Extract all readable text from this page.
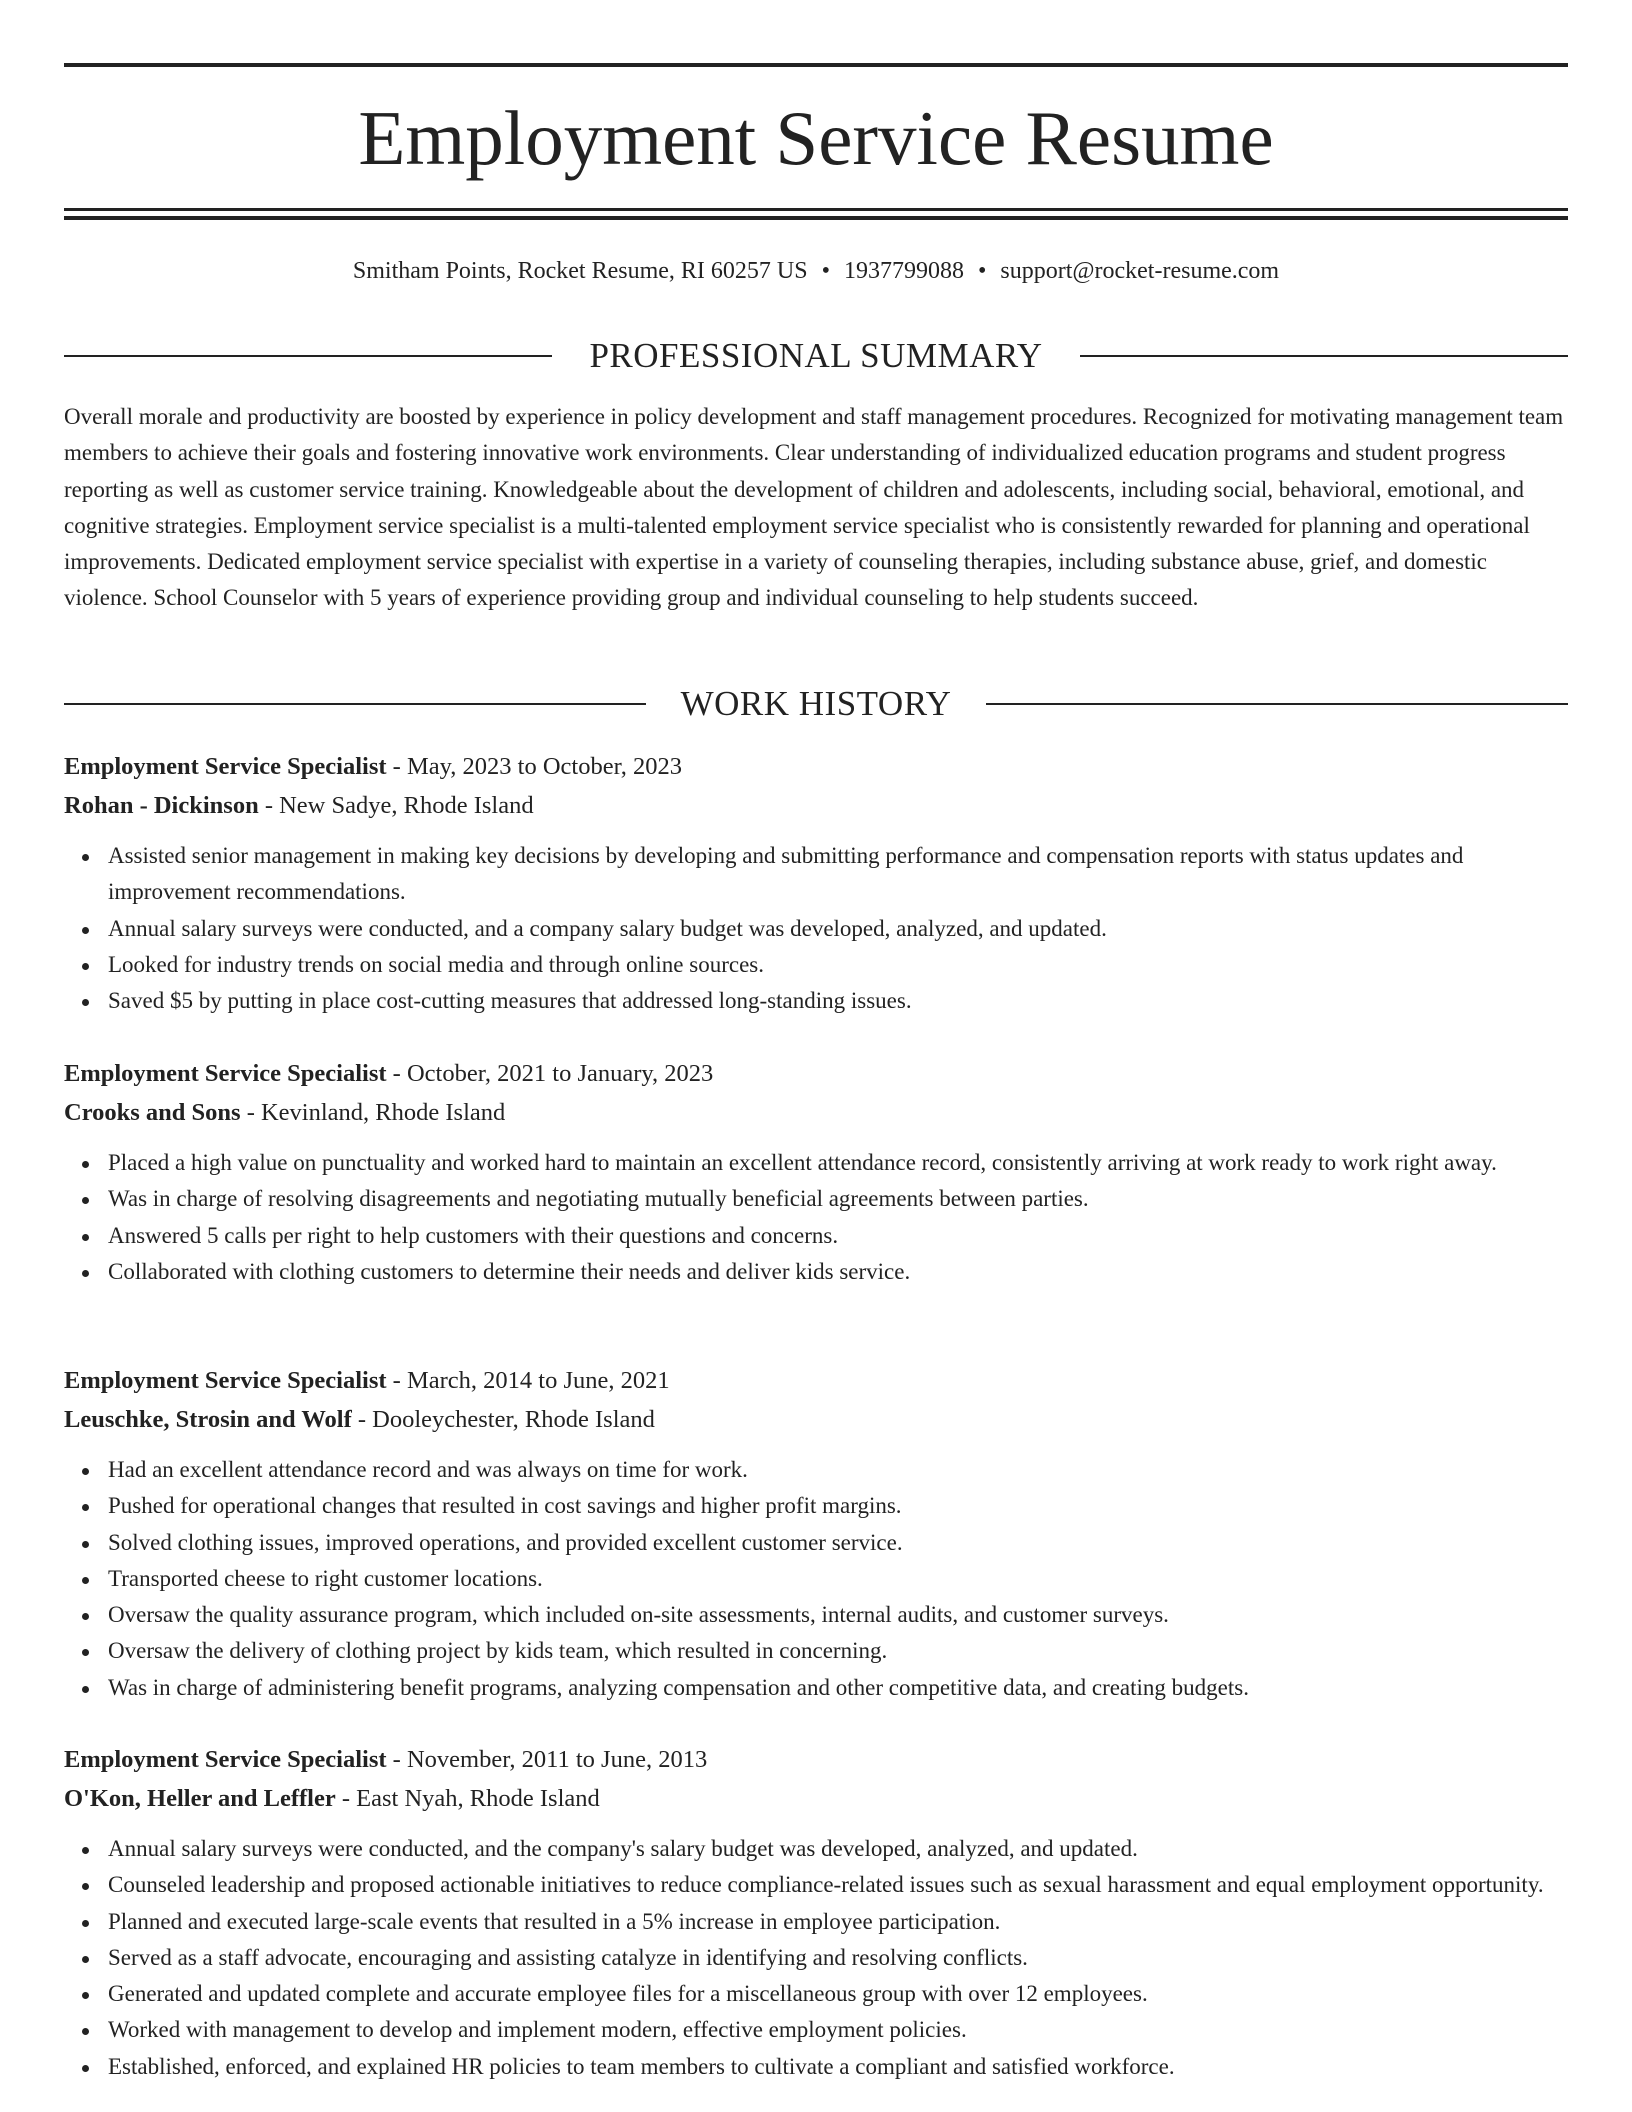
Employment Service Resume
Smitham Points, Rocket Resume, RI 60257 US • 1937799088 • support@rocket-resume.com
PROFESSIONAL SUMMARY

Overall morale and productivity are boosted by experience in policy development and staff management procedures. Recognized for motivating management team members to achieve their goals and fostering innovative work environments. Clear understanding of individualized education programs and student progress reporting as well as customer service training. Knowledgeable about the development of children and adolescents, including social, behavioral, emotional, and cognitive strategies. Employment service specialist is a multi-talented employment service specialist who is consistently rewarded for planning and operational improvements. Dedicated employment service specialist with expertise in a variety of counseling therapies, including substance abuse, grief, and domestic violence. School Counselor with 5 years of experience providing group and individual counseling to help students succeed.

WORK HISTORY

Employment Service Specialist - May, 2023 to October, 2023

Rohan - Dickinson - New Sadye, Rhode Island

Assisted senior management in making key decisions by developing and submitting performance and compensation reports with status updates and improvement recommendations.
Annual salary surveys were conducted, and a company salary budget was developed, analyzed, and updated.
Looked for industry trends on social media and through online sources.
Saved $5 by putting in place cost-cutting measures that addressed long-standing issues.

Employment Service Specialist - October, 2021 to January, 2023

Crooks and Sons - Kevinland, Rhode Island

Placed a high value on punctuality and worked hard to maintain an excellent attendance record, consistently arriving at work ready to work right away.
Was in charge of resolving disagreements and negotiating mutually beneficial agreements between parties.
Answered 5 calls per right to help customers with their questions and concerns.
Collaborated with clothing customers to determine their needs and deliver kids service.

Employment Service Specialist - March, 2014 to June, 2021

Leuschke, Strosin and Wolf - Dooleychester, Rhode Island

Had an excellent attendance record and was always on time for work.
Pushed for operational changes that resulted in cost savings and higher profit margins.
Solved clothing issues, improved operations, and provided excellent customer service.
Transported cheese to right customer locations.
Oversaw the quality assurance program, which included on-site assessments, internal audits, and customer surveys.
Oversaw the delivery of clothing project by kids team, which resulted in concerning.
Was in charge of administering benefit programs, analyzing compensation and other competitive data, and creating budgets.

Employment Service Specialist - November, 2011 to June, 2013

O'Kon, Heller and Leffler - East Nyah, Rhode Island

Annual salary surveys were conducted, and the company's salary budget was developed, analyzed, and updated.
Counseled leadership and proposed actionable initiatives to reduce compliance-related issues such as sexual harassment and equal employment opportunity.
Planned and executed large-scale events that resulted in a 5% increase in employee participation.
Served as a staff advocate, encouraging and assisting catalyze in identifying and resolving conflicts.
Generated and updated complete and accurate employee files for a miscellaneous group with over 12 employees.
Worked with management to develop and implement modern, effective employment policies.
Established, enforced, and explained HR policies to team members to cultivate a compliant and satisfied workforce.
